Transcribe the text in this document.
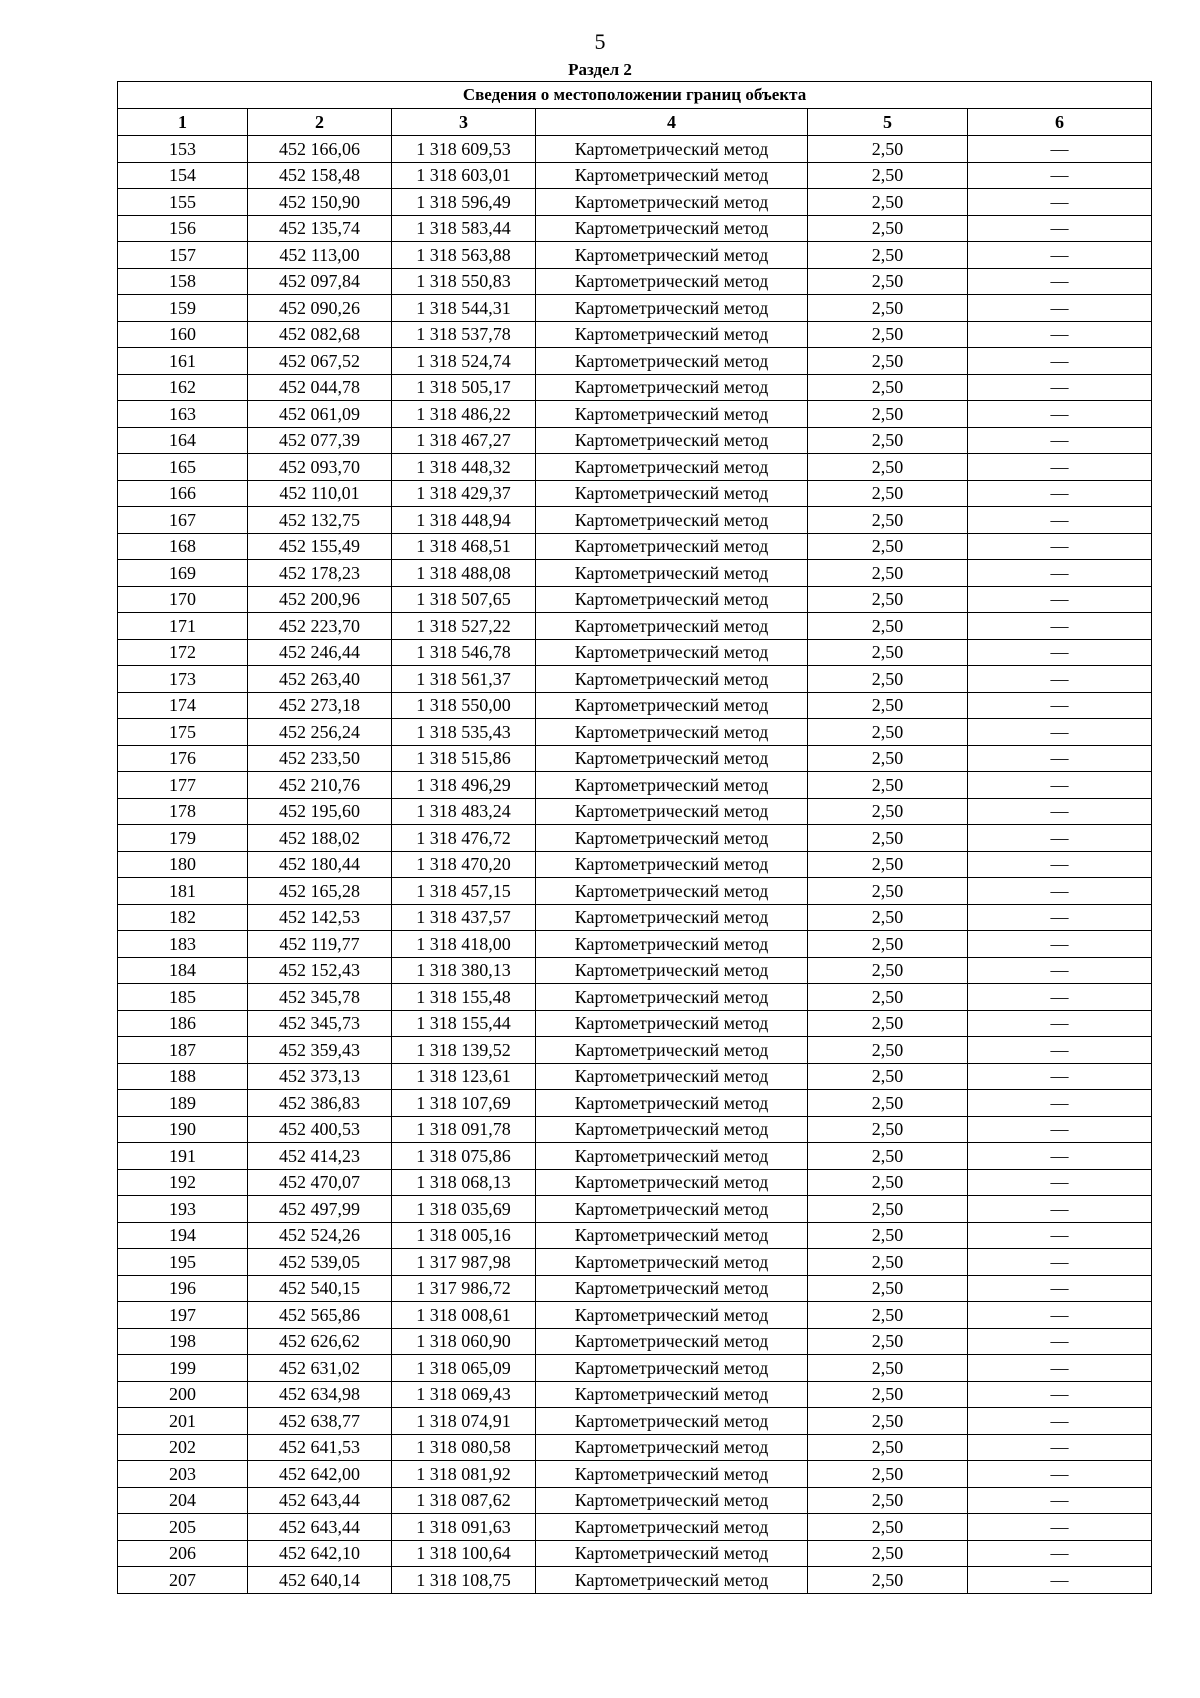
5
Раздел 2
Сведения о местоположении границ объекта					
1	2	3	4	5	6
153	452 166,06	1 318 609,53	Картометрический метод	2,50	—
154	452 158,48	1 318 603,01	Картометрический метод	2,50	—
155	452 150,90	1 318 596,49	Картометрический метод	2,50	—
156	452 135,74	1 318 583,44	Картометрический метод	2,50	—
157	452 113,00	1 318 563,88	Картометрический метод	2,50	—
158	452 097,84	1 318 550,83	Картометрический метод	2,50	—
159	452 090,26	1 318 544,31	Картометрический метод	2,50	—
160	452 082,68	1 318 537,78	Картометрический метод	2,50	—
161	452 067,52	1 318 524,74	Картометрический метод	2,50	—
162	452 044,78	1 318 505,17	Картометрический метод	2,50	—
163	452 061,09	1 318 486,22	Картометрический метод	2,50	—
164	452 077,39	1 318 467,27	Картометрический метод	2,50	—
165	452 093,70	1 318 448,32	Картометрический метод	2,50	—
166	452 110,01	1 318 429,37	Картометрический метод	2,50	—
167	452 132,75	1 318 448,94	Картометрический метод	2,50	—
168	452 155,49	1 318 468,51	Картометрический метод	2,50	—
169	452 178,23	1 318 488,08	Картометрический метод	2,50	—
170	452 200,96	1 318 507,65	Картометрический метод	2,50	—
171	452 223,70	1 318 527,22	Картометрический метод	2,50	—
172	452 246,44	1 318 546,78	Картометрический метод	2,50	—
173	452 263,40	1 318 561,37	Картометрический метод	2,50	—
174	452 273,18	1 318 550,00	Картометрический метод	2,50	—
175	452 256,24	1 318 535,43	Картометрический метод	2,50	—
176	452 233,50	1 318 515,86	Картометрический метод	2,50	—
177	452 210,76	1 318 496,29	Картометрический метод	2,50	—
178	452 195,60	1 318 483,24	Картометрический метод	2,50	—
179	452 188,02	1 318 476,72	Картометрический метод	2,50	—
180	452 180,44	1 318 470,20	Картометрический метод	2,50	—
181	452 165,28	1 318 457,15	Картометрический метод	2,50	—
182	452 142,53	1 318 437,57	Картометрический метод	2,50	—
183	452 119,77	1 318 418,00	Картометрический метод	2,50	—
184	452 152,43	1 318 380,13	Картометрический метод	2,50	—
185	452 345,78	1 318 155,48	Картометрический метод	2,50	—
186	452 345,73	1 318 155,44	Картометрический метод	2,50	—
187	452 359,43	1 318 139,52	Картометрический метод	2,50	—
188	452 373,13	1 318 123,61	Картометрический метод	2,50	—
189	452 386,83	1 318 107,69	Картометрический метод	2,50	—
190	452 400,53	1 318 091,78	Картометрический метод	2,50	—
191	452 414,23	1 318 075,86	Картометрический метод	2,50	—
192	452 470,07	1 318 068,13	Картометрический метод	2,50	—
193	452 497,99	1 318 035,69	Картометрический метод	2,50	—
194	452 524,26	1 318 005,16	Картометрический метод	2,50	—
195	452 539,05	1 317 987,98	Картометрический метод	2,50	—
196	452 540,15	1 317 986,72	Картометрический метод	2,50	—
197	452 565,86	1 318 008,61	Картометрический метод	2,50	—
198	452 626,62	1 318 060,90	Картометрический метод	2,50	—
199	452 631,02	1 318 065,09	Картометрический метод	2,50	—
200	452 634,98	1 318 069,43	Картометрический метод	2,50	—
201	452 638,77	1 318 074,91	Картометрический метод	2,50	—
202	452 641,53	1 318 080,58	Картометрический метод	2,50	—
203	452 642,00	1 318 081,92	Картометрический метод	2,50	—
204	452 643,44	1 318 087,62	Картометрический метод	2,50	—
205	452 643,44	1 318 091,63	Картометрический метод	2,50	—
206	452 642,10	1 318 100,64	Картометрический метод	2,50	—
207	452 640,14	1 318 108,75	Картометрический метод	2,50	—
